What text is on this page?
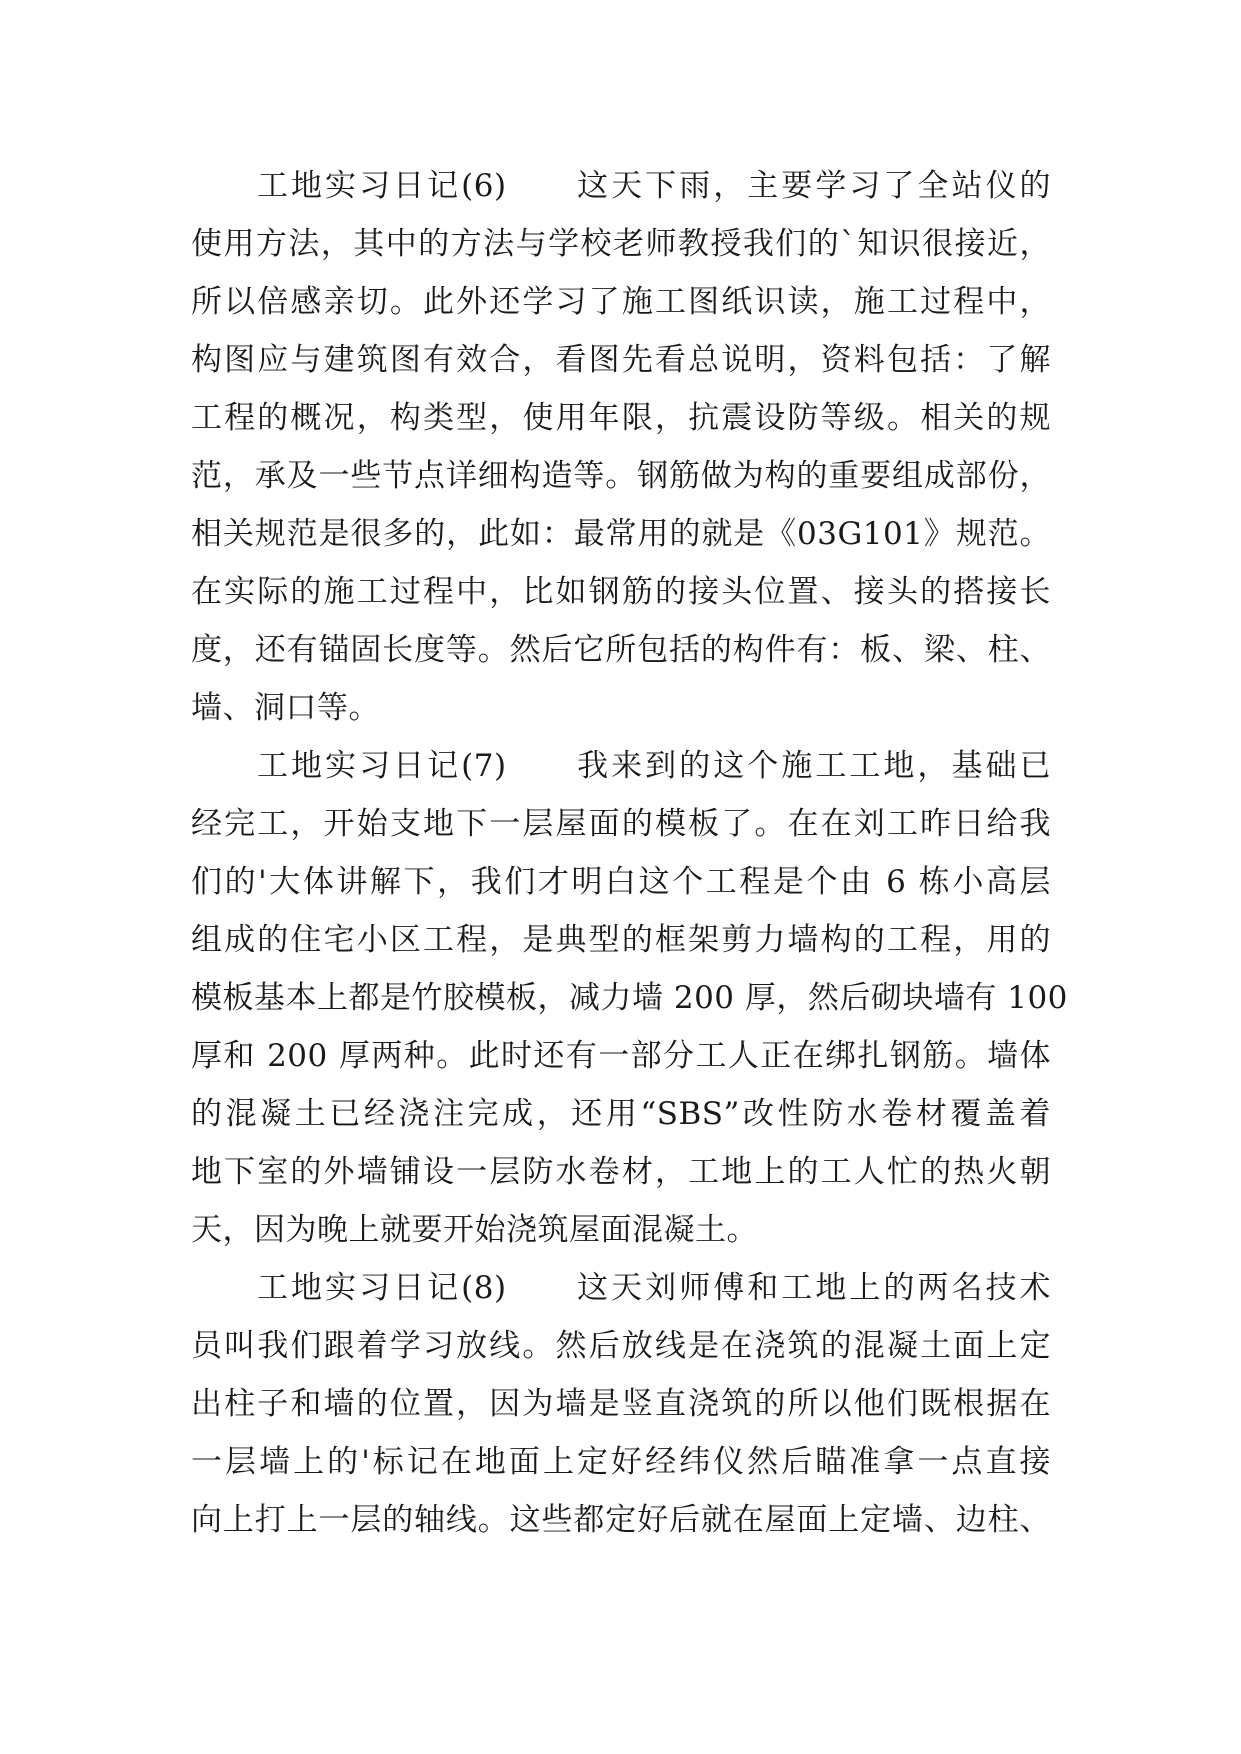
工地实习日记(6) 这天下雨，主要学习了全站仪的
使用方法，其中的方法与学校老师教授我们的`知识很接近，
所以倍感亲切。此外还学习了施工图纸识读，施工过程中，
构图应与建筑图有效合，看图先看总说明，资料包括：了解
工程的概况，构类型，使用年限，抗震设防等级。相关的规
范，承及一些节点详细构造等。钢筋做为构的重要组成部份，
相关规范是很多的，此如：最常用的就是《03G101》规范。
在实际的施工过程中，比如钢筋的接头位置、接头的搭接长
度，还有锚固长度等。然后它所包括的构件有：板、梁、柱、
墙、洞口等。
工地实习日记(7) 我来到的这个施工工地，基础已
经完工，开始支地下一层屋面的模板了。在在刘工昨日给我
们的'大体讲解下，我们才明白这个工程是个由 6 栋小高层
组成的住宅小区工程，是典型的框架剪力墙构的工程，用的
模板基本上都是竹胶模板，减力墙 200 厚，然后砌块墙有 100
厚和 200 厚两种。此时还有一部分工人正在绑扎钢筋。墙体
的混凝土已经浇注完成，还用“SBS”改性防水卷材覆盖着
地下室的外墙铺设一层防水卷材，工地上的工人忙的热火朝
天，因为晚上就要开始浇筑屋面混凝土。
工地实习日记(8) 这天刘师傅和工地上的两名技术
员叫我们跟着学习放线。然后放线是在浇筑的混凝土面上定
出柱子和墙的位置，因为墙是竖直浇筑的所以他们既根据在
一层墙上的'标记在地面上定好经纬仪然后瞄准拿一点直接
向上打上一层的轴线。这些都定好后就在屋面上定墙、边柱、
